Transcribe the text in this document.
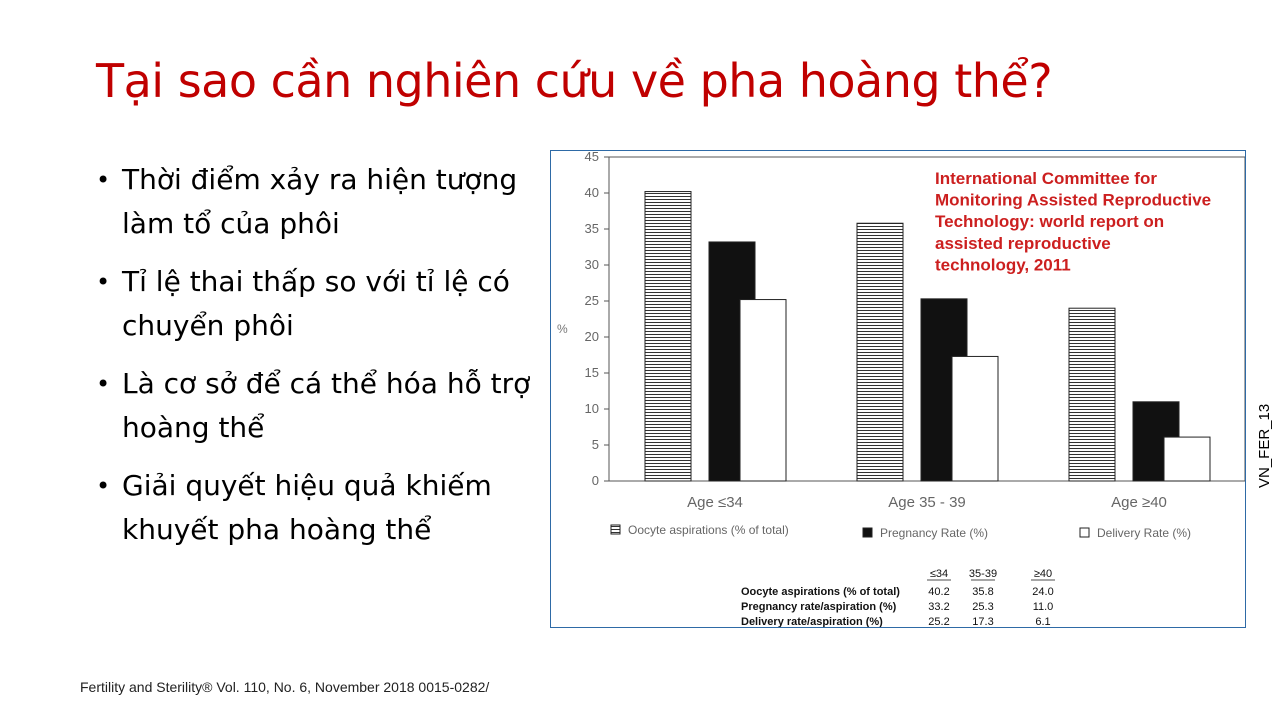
Tại sao cần nghiên cứu về pha hoàng thể?
• Thời điểm xảy ra hiện tượng làm tổ của phôi
• Tỉ lệ thai thấp so với tỉ lệ có chuyển phôi
• Là cơ sở để cá thể hóa hỗ trợ hoàng thể
• Giải quyết hiệu quả khiếm khuyết pha hoàng thể
0
5
10
15
20
25
30
35
40
45
%
Age ≤34	Age 35 - 39	Age ≥40
Oocyte aspirations (% of total)	Pregnancy Rate (%)	Delivery Rate (%)
International Committee for
Monitoring Assisted Reproductive
Technology: world report on
assisted reproductive
technology, 2011
≤34 35-39	≥40
Oocyte aspirations (% of total)	40.2 35.8	24.0
Pregnancy rate/aspiration (%)	33.2 25.3	11.0
Delivery rate/aspiration (%)	25.2 17.3	6.1
VN_FER_13
Fertility and Sterility® Vol. 110, No. 6, November 2018 0015-0282/
